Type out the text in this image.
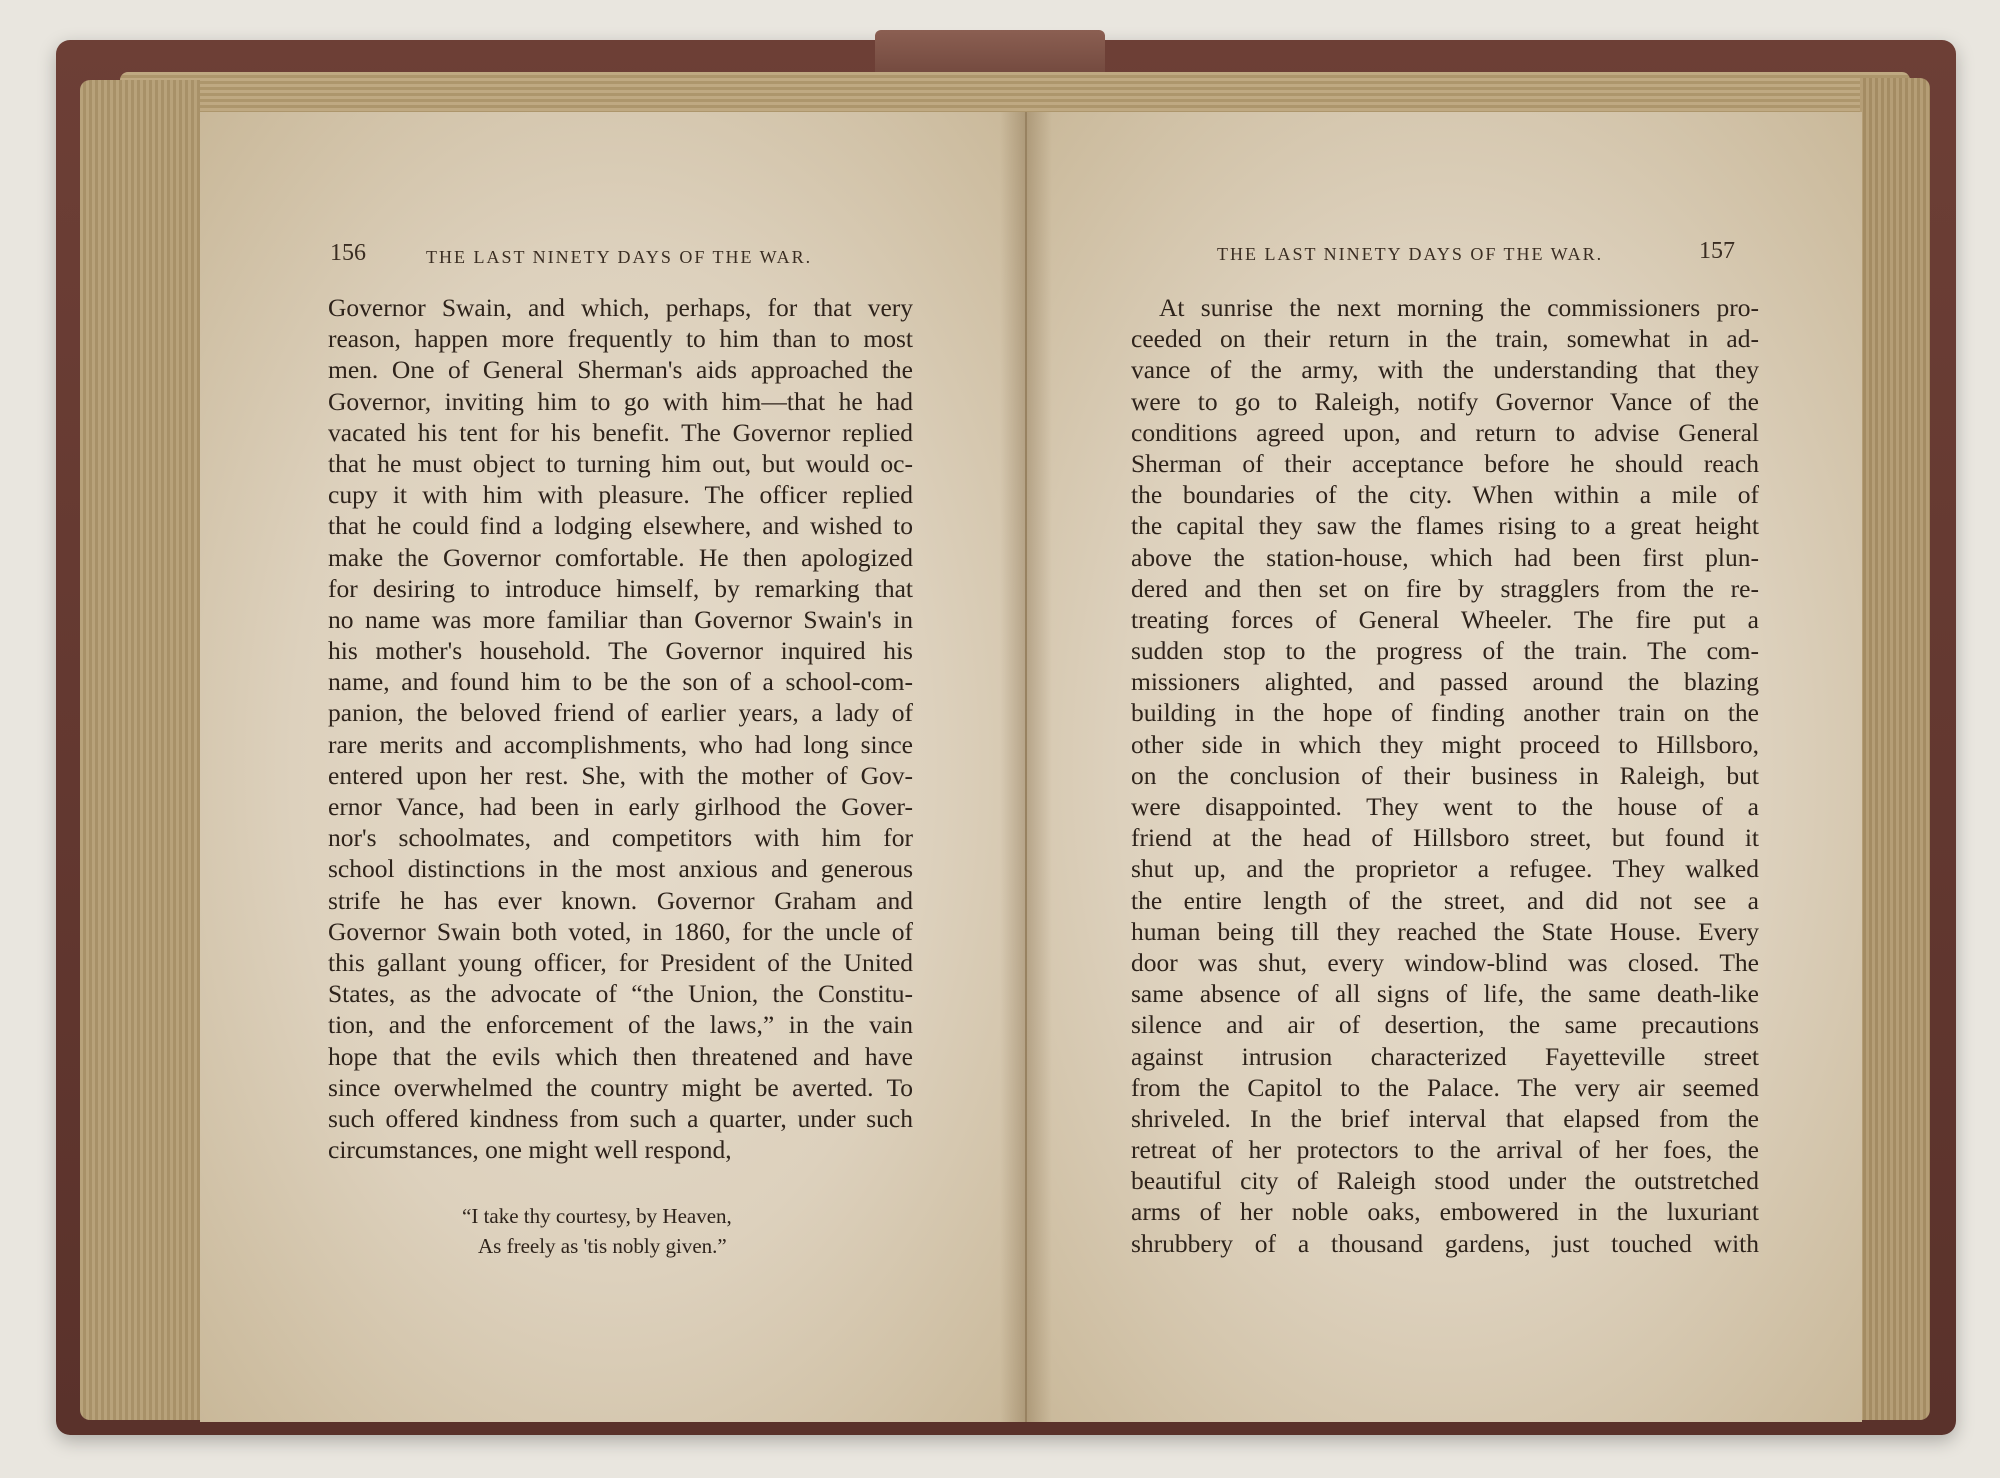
156	THE LAST NINETY DAYS OF THE WAR.
Governor Swain, and which, perhaps, for that very
reason, happen more frequently to him than to most
men. One of General Sherman's aids approached the
Governor, inviting him to go with him—that he had
vacated his tent for his benefit. The Governor replied
that he must object to turning him out, but would oc-
cupy it with him with pleasure. The officer replied
that he could find a lodging elsewhere, and wished to
make the Governor comfortable. He then apologized
for desiring to introduce himself, by remarking that
no name was more familiar than Governor Swain's in
his mother's household. The Governor inquired his
name, and found him to be the son of a school-com-
panion, the beloved friend of earlier years, a lady of
rare merits and accomplishments, who had long since
entered upon her rest. She, with the mother of Gov-
ernor Vance, had been in early girlhood the Gover-
nor's schoolmates, and competitors with him for
school distinctions in the most anxious and generous
strife he has ever known. Governor Graham and
Governor Swain both voted, in 1860, for the uncle of
this gallant young officer, for President of the United
States, as the advocate of “the Union, the Constitu-
tion, and the enforcement of the laws,” in the vain
hope that the evils which then threatened and have
since overwhelmed the country might be averted. To
such offered kindness from such a quarter, under such
circumstances, one might well respond,
“I take thy courtesy, by Heaven,
As freely as 'tis nobly given.”
THE LAST NINETY DAYS OF THE WAR.	157
At sunrise the next morning the commissioners pro-
ceeded on their return in the train, somewhat in ad-
vance of the army, with the understanding that they
were to go to Raleigh, notify Governor Vance of the
conditions agreed upon, and return to advise General
Sherman of their acceptance before he should reach
the boundaries of the city. When within a mile of
the capital they saw the flames rising to a great height
above the station-house, which had been first plun-
dered and then set on fire by stragglers from the re-
treating forces of General Wheeler. The fire put a
sudden stop to the progress of the train. The com-
missioners alighted, and passed around the blazing
building in the hope of finding another train on the
other side in which they might proceed to Hillsboro,
on the conclusion of their business in Raleigh, but
were disappointed. They went to the house of a
friend at the head of Hillsboro street, but found it
shut up, and the proprietor a refugee. They walked
the entire length of the street, and did not see a
human being till they reached the State House. Every
door was shut, every window-blind was closed. The
same absence of all signs of life, the same death-like
silence and air of desertion, the same precautions
against intrusion characterized Fayetteville street
from the Capitol to the Palace. The very air seemed
shriveled. In the brief interval that elapsed from the
retreat of her protectors to the arrival of her foes, the
beautiful city of Raleigh stood under the outstretched
arms of her noble oaks, embowered in the luxuriant
shrubbery of a thousand gardens, just touched with
